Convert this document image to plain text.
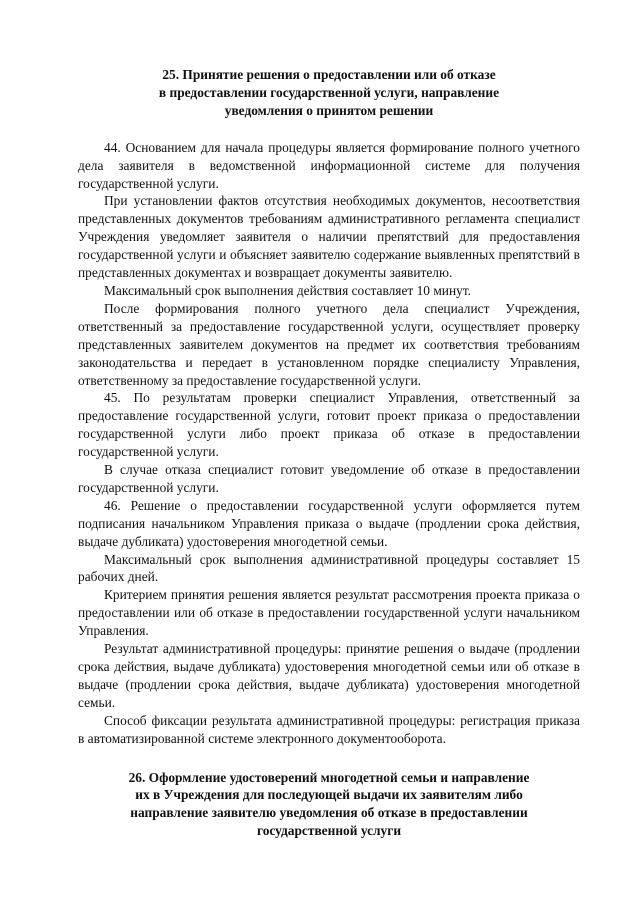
25. Принятие решения о предоставлении или об отказе
в предоставлении государственной услуги, направление
уведомления о принятом решении

44. Основанием для начала процедуры является формирование полного учетного дела заявителя в ведомственной информационной системе для получения государственной услуги.

При установлении фактов отсутствия необходимых документов, несоответствия представленных документов требованиям административного регламента специалист Учреждения уведомляет заявителя о наличии препятствий для предоставления государственной услуги и объясняет заявителю содержание выявленных препятствий в представленных документах и возвращает документы заявителю.

Максимальный срок выполнения действия составляет 10 минут.

После формирования полного учетного дела специалист Учреждения, ответственный за предоставление государственной услуги, осуществляет проверку представленных заявителем документов на предмет их соответствия требованиям законодательства и передает в установленном порядке специалисту Управления, ответственному за предоставление государственной услуги.

45. По результатам проверки специалист Управления, ответственный за предоставление государственной услуги, готовит проект приказа о предоставлении государственной услуги либо проект приказа об отказе в предоставлении государственной услуги.

В случае отказа специалист готовит уведомление об отказе в предоставлении государственной услуги.

46. Решение о предоставлении государственной услуги оформляется путем подписания начальником Управления приказа о выдаче (продлении срока действия, выдаче дубликата) удостоверения многодетной семьи.

Максимальный срок выполнения административной процедуры составляет 15 рабочих дней.

Критерием принятия решения является результат рассмотрения проекта приказа о предоставлении или об отказе в предоставлении государственной услуги начальником Управления.

Результат административной процедуры: принятие решения о выдаче (продлении срока действия, выдаче дубликата) удостоверения многодетной семьи или об отказе в выдаче (продлении срока действия, выдаче дубликата) удостоверения многодетной семьи.

Способ фиксации результата административной процедуры: регистрация приказа в автоматизированной системе электронного документооборота.

26. Оформление удостоверений многодетной семьи и направление
их в Учреждения для последующей выдачи их заявителям либо
направление заявителю уведомления об отказе в предоставлении
государственной услуги
